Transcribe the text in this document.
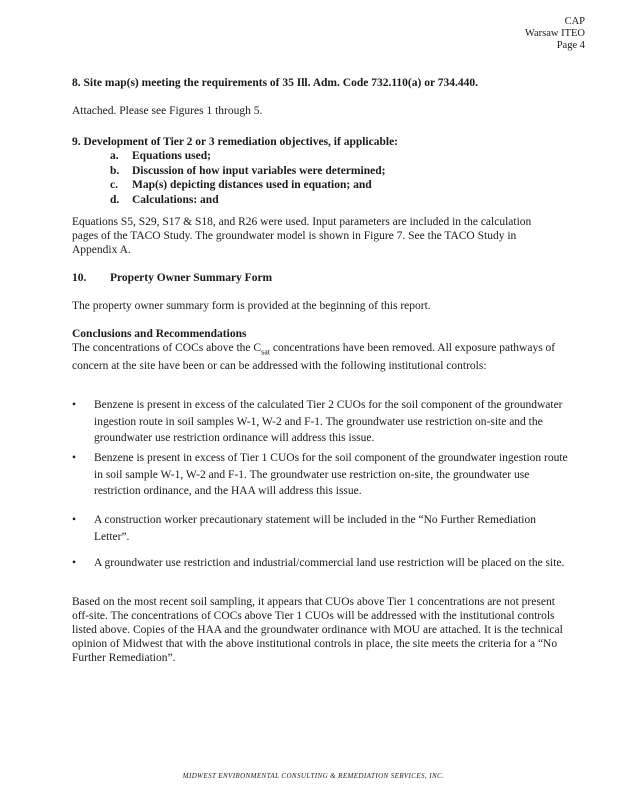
CAP
Warsaw ITEO
Page 4
8. Site map(s) meeting the requirements of 35 Ill. Adm. Code 732.110(a) or 734.440.
Attached. Please see Figures 1 through 5.
9. Development of Tier 2 or 3 remediation objectives, if applicable:
a.	Equations used;
b.	Discussion of how input variables were determined;
c.	Map(s) depicting distances used in equation; and
d.	Calculations: and
Equations S5, S29, S17 & S18, and R26 were used. Input parameters are included in the calculation pages of the TACO Study. The groundwater model is shown in Figure 7. See the TACO Study in Appendix A.
10.	Property Owner Summary Form
The property owner summary form is provided at the beginning of this report.
Conclusions and Recommendations
The concentrations of COCs above the $C_{sat}$ concentrations have been removed. All exposure pathways of concern at the site have been or can be addressed with the following institutional controls:
•	Benzene is present in excess of the calculated Tier 2 CUOs for the soil component of the groundwater ingestion route in soil samples W-1, W-2 and F-1. The groundwater use restriction on-site and the groundwater use restriction ordinance will address this issue.
•	Benzene is present in excess of Tier 1 CUOs for the soil component of the groundwater ingestion route in soil sample W-1, W-2 and F-1. The groundwater use restriction on-site, the groundwater use restriction ordinance, and the HAA will address this issue.
•	A construction worker precautionary statement will be included in the “No Further Remediation Letter”.
•	A groundwater use restriction and industrial/commercial land use restriction will be placed on the site.
Based on the most recent soil sampling, it appears that CUOs above Tier 1 concentrations are not present off-site. The concentrations of COCs above Tier 1 CUOs will be addressed with the institutional controls listed above. Copies of the HAA and the groundwater ordinance with MOU are attached. It is the technical opinion of Midwest that with the above institutional controls in place, the site meets the criteria for a “No Further Remediation”.
MIDWEST ENVIRONMENTAL CONSULTING & REMEDIATION SERVICES, INC.
